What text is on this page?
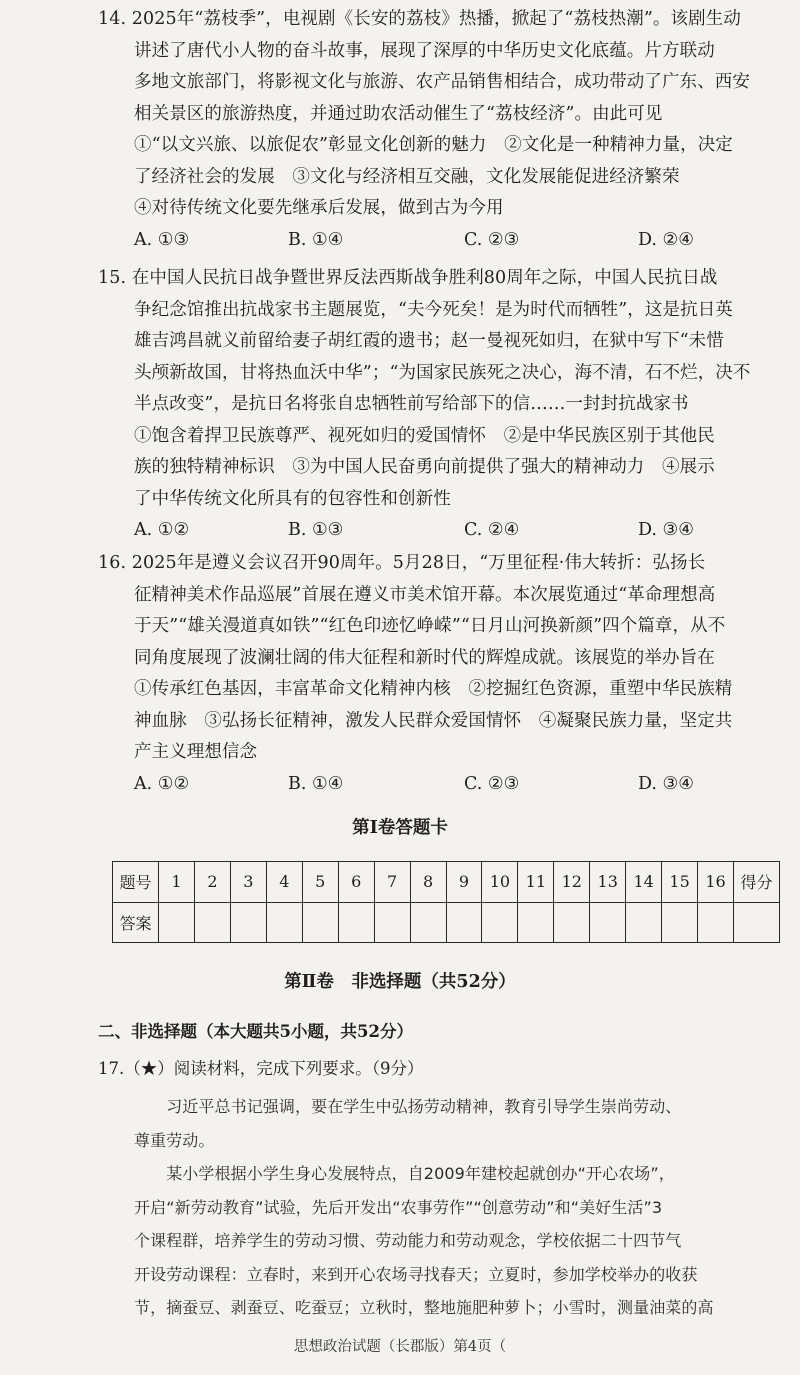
14. 2025年“荔枝季”，电视剧《长安的荔枝》热播，掀起了“荔枝热潮”。该剧生动
讲述了唐代小人物的奋斗故事，展现了深厚的中华历史文化底蕴。片方联动
多地文旅部门，将影视文化与旅游、农产品销售相结合，成功带动了广东、西安
相关景区的旅游热度，并通过助农活动催生了“荔枝经济”。由此可见
①“以文兴旅、以旅促农”彰显文化创新的魅力　②文化是一种精神力量，决定
了经济社会的发展　③文化与经济相互交融，文化发展能促进经济繁荣
④对待传统文化要先继承后发展，做到古为今用
A. ①③	B. ①④	C. ②③	D. ②④
15. 在中国人民抗日战争暨世界反法西斯战争胜利80周年之际，中国人民抗日战
争纪念馆推出抗战家书主题展览，“夫今死矣！是为时代而牺牲”，这是抗日英
雄吉鸿昌就义前留给妻子胡红霞的遗书；赵一曼视死如归，在狱中写下“未惜
头颅新故国，甘将热血沃中华”；“为国家民族死之决心，海不清，石不烂，决不
半点改变”，是抗日名将张自忠牺牲前写给部下的信……一封封抗战家书
①饱含着捍卫民族尊严、视死如归的爱国情怀　②是中华民族区别于其他民
族的独特精神标识　③为中国人民奋勇向前提供了强大的精神动力　④展示
了中华传统文化所具有的包容性和创新性
A. ①②	B. ①③	C. ②④	D. ③④
16. 2025年是遵义会议召开90周年。5月28日，“万里征程·伟大转折：弘扬长
征精神美术作品巡展”首展在遵义市美术馆开幕。本次展览通过“革命理想高
于天”“雄关漫道真如铁”“红色印迹忆峥嵘”“日月山河换新颜”四个篇章，从不
同角度展现了波澜壮阔的伟大征程和新时代的辉煌成就。该展览的举办旨在
①传承红色基因，丰富革命文化精神内核　②挖掘红色资源，重塑中华民族精
神血脉　③弘扬长征精神，激发人民群众爱国情怀　④凝聚民族力量，坚定共
产主义理想信念
A. ①②	B. ①④	C. ②③	D. ③④
第Ⅰ卷答题卡
题号	1	2	3	4	5	6	7	8	9	10	11	12	13	14	15	16	得分
答案																	
第Ⅱ卷　非选择题（共52分）
二、非选择题（本大题共5小题，共52分）
17.（★）阅读材料，完成下列要求。（9分）
　　习近平总书记强调，要在学生中弘扬劳动精神，教育引导学生崇尚劳动、
尊重劳动。
　　某小学根据小学生身心发展特点，自2009年建校起就创办“开心农场”，
开启“新劳动教育”试验，先后开发出“农事劳作”“创意劳动”和“美好生活”3
个课程群，培养学生的劳动习惯、劳动能力和劳动观念，学校依据二十四节气
开设劳动课程：立春时，来到开心农场寻找春天；立夏时，参加学校举办的收获
节，摘蚕豆、剥蚕豆、吃蚕豆；立秋时，整地施肥种萝卜；小雪时，测量油菜的高
思想政治试题（长郡版）第4页（
